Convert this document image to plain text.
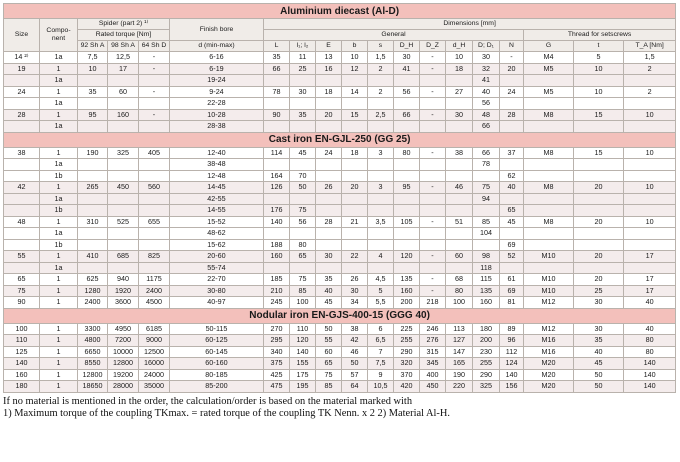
Aluminium diecast (Al-D)																		
Size	Compo- nent	Spider (part 2) ¹⁾			Finish bore	Dimensions [mm]												
		Rated torque [Nm]				General										Thread for setscrews		
		92 Sh A	98 Sh A	64 Sh D	d (min-max)	L	l₁; l₂	E	b	s	D_H	D_Z	d_H	D; D₁	N	G	t	T_A [Nm]
14 ²⁾	1a	7,5	12,5	-	6-16	35	11	13	10	1,5	30	-	10	30	-	M4	5	1,5
19	1	10	17	-	6-19	66	25	16	12	2	41	-	18	32	20	M5	10	2
	1a				19-24									41				
24	1	35	60	-	9-24	78	30	18	14	2	56	-	27	40	24	M5	10	2
	1a				22-28									56				
28	1	95	160	-	10-28	90	35	20	15	2,5	66	-	30	48	28	M8	15	10
	1a				28-38									66				
Cast iron EN-GJL-250 (GG 25)																		
38	1	190	325	405	12-40	114	45	24	18	3	80	-	38	66	37	M8	15	10
	1a				38-48									78				
	1b				12-48	164	70								62			
42	1	265	450	560	14-45	126	50	26	20	3	95	-	46	75	40	M8	20	10
	1a				42-55									94				
	1b				14-55	176	75								65			
48	1	310	525	655	15-52	140	56	28	21	3,5	105	-	51	85	45	M8	20	10
	1a				48-62									104				
	1b				15-62	188	80								69			
55	1	410	685	825	20-60	160	65	30	22	4	120	-	60	98	52	M10	20	17
	1a				55-74									118				
65	1	625	940	1175	22-70	185	75	35	26	4,5	135	-	68	115	61	M10	20	17
75	1	1280	1920	2400	30-80	210	85	40	30	5	160	-	80	135	69	M10	25	17
90	1	2400	3600	4500	40-97	245	100	45	34	5,5	200	218	100	160	81	M12	30	40
Nodular iron EN-GJS-400-15 (GGG 40)																		
100	1	3300	4950	6185	50-115	270	110	50	38	6	225	246	113	180	89	M12	30	40
110	1	4800	7200	9000	60-125	295	120	55	42	6,5	255	276	127	200	96	M16	35	80
125	1	6650	10000	12500	60-145	340	140	60	46	7	290	315	147	230	112	M16	40	80
140	1	8550	12800	16000	60-160	375	155	65	50	7,5	320	345	165	255	124	M20	45	140
160	1	12800	19200	24000	80-185	425	175	75	57	9	370	400	190	290	140	M20	50	140
180	1	18650	28000	35000	85-200	475	195	85	64	10,5	420	450	220	325	156	M20	50	140
If no material is mentioned in the order, the calculation/order is based on the material marked with
1) Maximum torque of the coupling TKmax. = rated torque of the coupling TK Nenn. x 2 2) Material Al-H.
